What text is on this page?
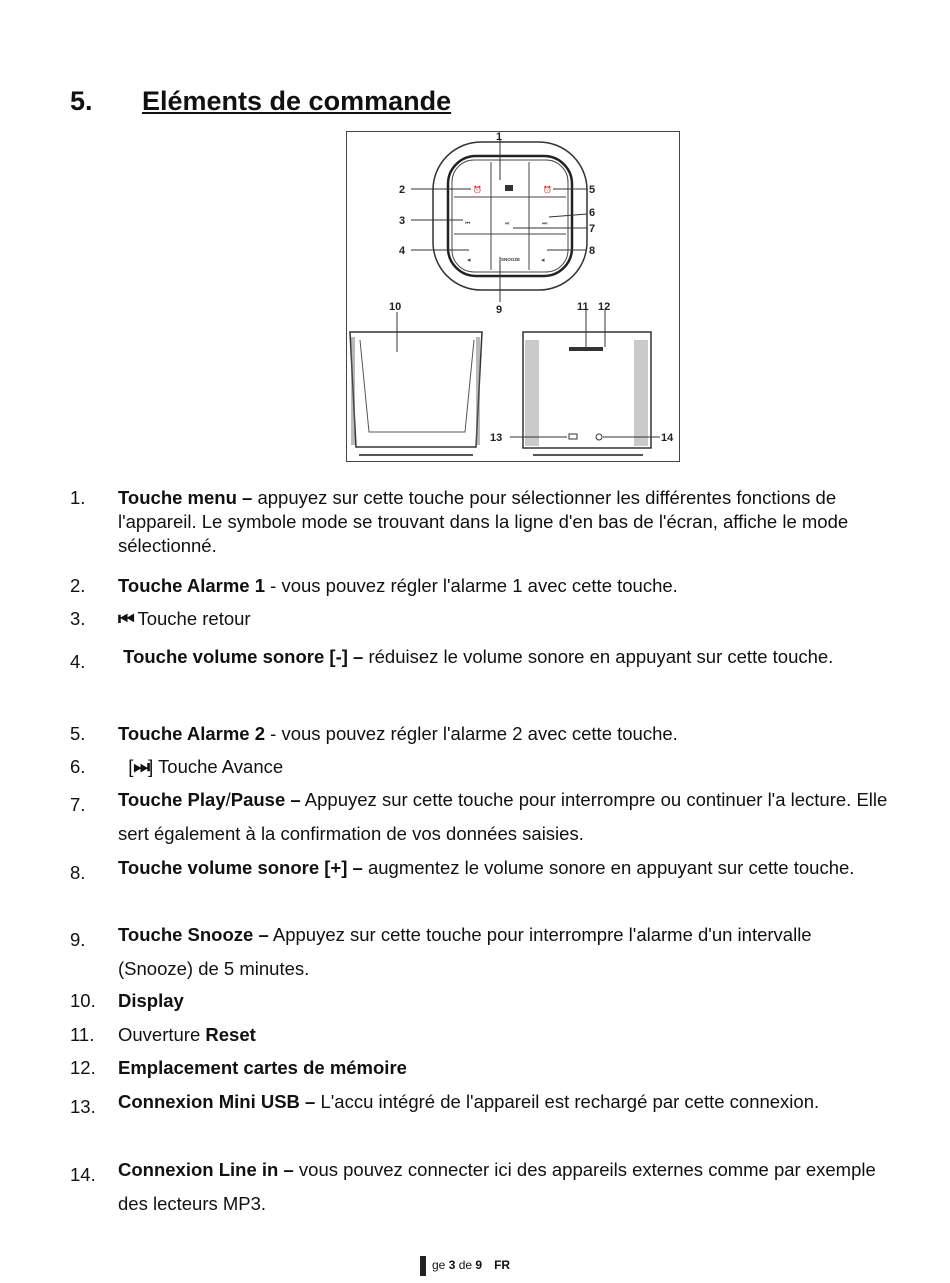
5. Eléments de commande
⏰	⏰
⏮	⏯	⏭
◂	SNOOZE	◂
1
2
3
4
5
6
7
8
9
10	11 12
13	14
1. Touche menu – appuyez sur cette touche pour sélectionner les différentes fonctions de l'appareil. Le symbole mode se trouvant dans la ligne d'en bas de l'écran, affiche le mode sélectionné.
2. Touche Alarme 1 - vous pouvez régler l'alarme 1 avec cette touche.
3. ⏮ Touche retour
4. Touche volume sonore [-] – réduisez le volume sonore en appuyant sur cette touche.
5. Touche Alarme 2 - vous pouvez régler l'alarme 2 avec cette touche.
6.	[⏭] Touche Avance
7. Touche Play/Pause – Appuyez sur cette touche pour interrompre ou continuer l'a lecture. Elle sert également à la confirmation de vos données saisies.
8. Touche volume sonore [+] – augmentez le volume sonore en appuyant sur cette touche.
9. Touche Snooze – Appuyez sur cette touche pour interrompre l'alarme d'un intervalle (Snooze) de 5 minutes.
10. Display
11. Ouverture Reset
12. Emplacement cartes de mémoire
13. Connexion Mini USB – L'accu intégré de l'appareil est rechargé par cette connexion.
14. Connexion Line in – vous pouvez connecter ici des appareils externes comme par exemple des lecteurs MP3.
ge 3 de 9 FR
